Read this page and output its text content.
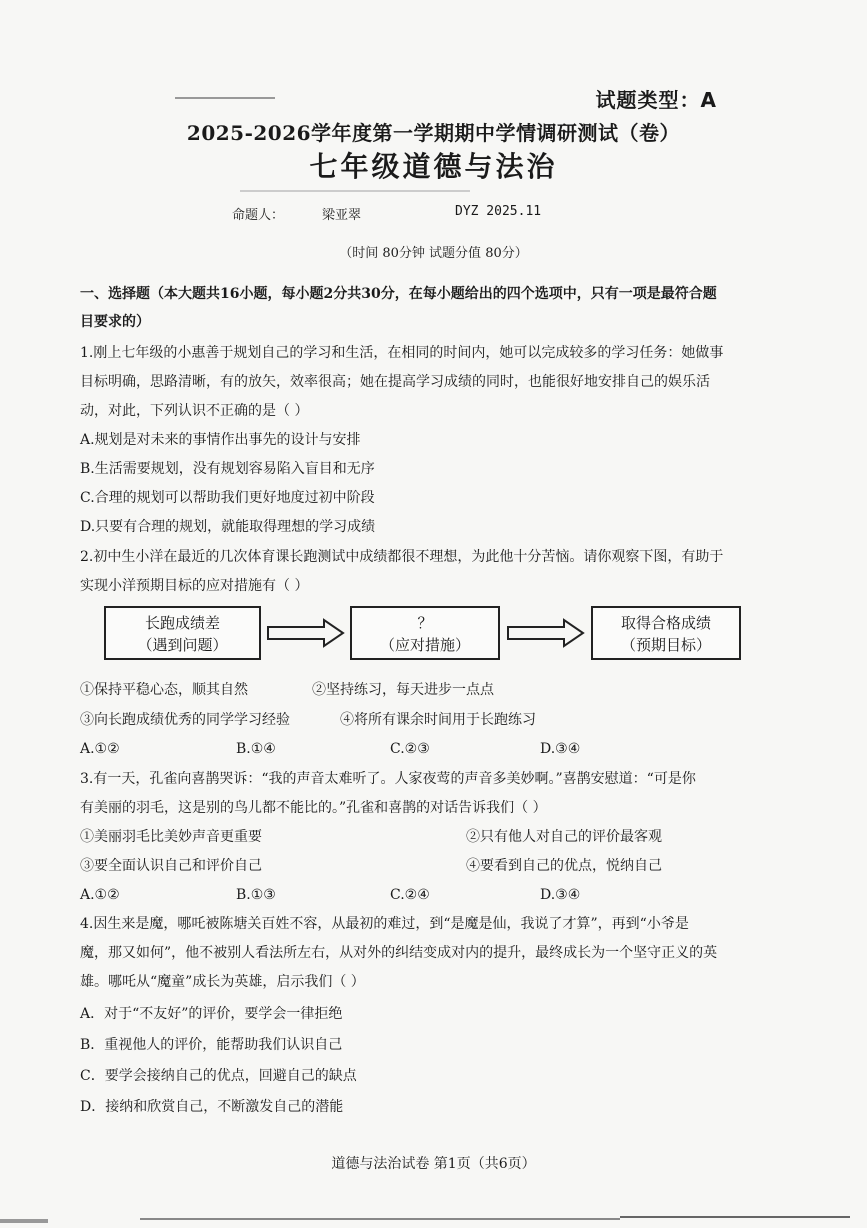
试题类型：A
2025-2026学年度第一学期期中学情调研测试（卷）
七年级道德与法治
命题人：	梁亚翠	DYZ 2025.11
（时间 80分钟 试题分值 80分）
一、选择题（本大题共16小题，每小题2分共30分，在每小题给出的四个选项中，只有一项是最符合题
目要求的）
1.刚上七年级的小惠善于规划自己的学习和生活，在相同的时间内，她可以完成较多的学习任务：她做事
目标明确，思路清晰，有的放矢，效率很高；她在提高学习成绩的同时，也能很好地安排自己的娱乐活
动，对此，下列认识不正确的是（ ）
A.规划是对未来的事情作出事先的设计与安排
B.生活需要规划，没有规划容易陷入盲目和无序
C.合理的规划可以帮助我们更好地度过初中阶段
D.只要有合理的规划，就能取得理想的学习成绩
2.初中生小洋在最近的几次体育课长跑测试中成绩都很不理想，为此他十分苦恼。请你观察下图，有助于
实现小洋预期目标的应对措施有（ ）
长跑成绩差
（遇到问题）
？
（应对措施）
取得合格成绩
（预期目标）
①保持平稳心态，顺其自然	②坚持练习，每天进步一点点
③向长跑成绩优秀的同学学习经验	④将所有课余时间用于长跑练习
A.①②	B.①④	C.②③	D.③④
3.有一天，孔雀向喜鹊哭诉：“我的声音太难听了。人家夜莺的声音多美妙啊。”喜鹊安慰道：“可是你
有美丽的羽毛，这是别的鸟儿都不能比的。”孔雀和喜鹊的对话告诉我们（ ）
①美丽羽毛比美妙声音更重要	②只有他人对自己的评价最客观
③要全面认识自己和评价自己	④要看到自己的优点，悦纳自己
A.①②	B.①③	C.②④	D.③④
4.因生来是魔，哪吒被陈塘关百姓不容，从最初的难过，到“是魔是仙，我说了才算”，再到“小爷是
魔，那又如何”，他不被别人看法所左右，从对外的纠结变成对内的提升，最终成长为一个坚守正义的英
雄。哪吒从“魔童”成长为英雄，启示我们（ ）
A．对于“不友好”的评价，要学会一律拒绝
B．重视他人的评价，能帮助我们认识自己
C．要学会接纳自己的优点，回避自己的缺点
D．接纳和欣赏自己，不断激发自己的潜能
道德与法治试卷 第1页（共6页）
